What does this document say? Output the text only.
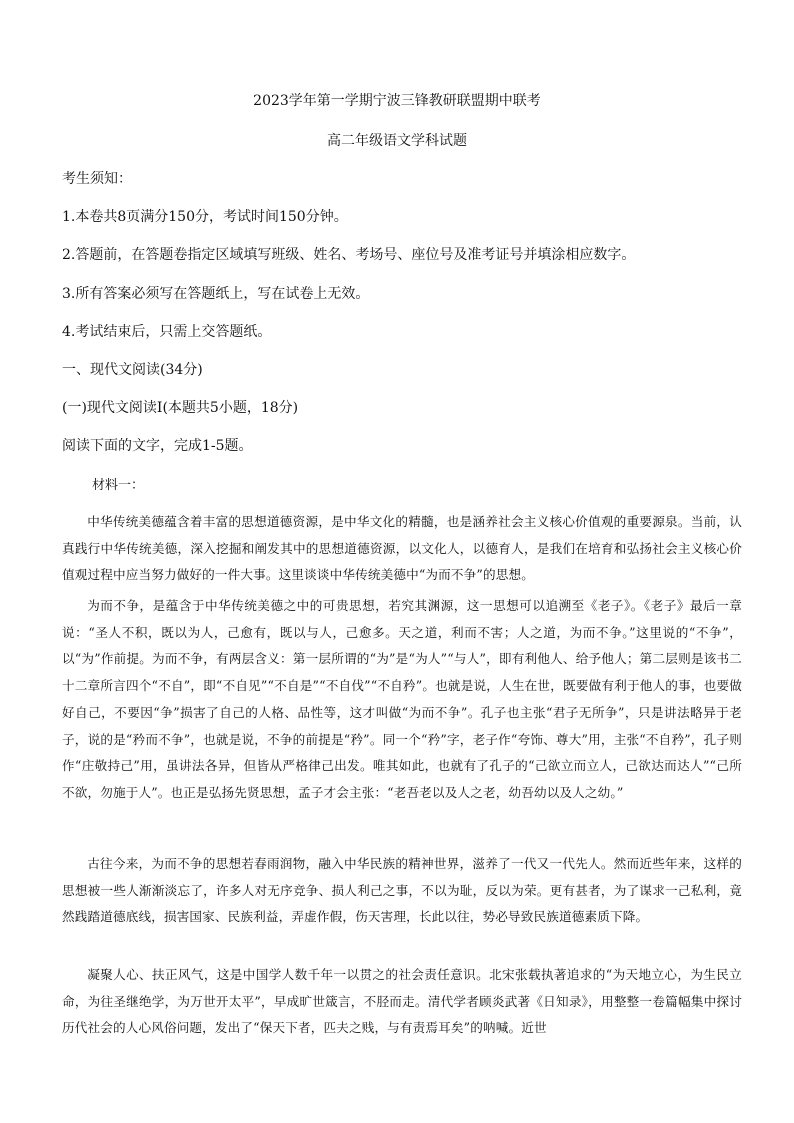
2023学年第一学期宁波三锋教研联盟期中联考
高二年级语文学科试题
考生须知：
1.本卷共8页满分150分，考试时间150分钟。
2.答题前，在答题卷指定区域填写班级、姓名、考场号、座位号及准考证号并填涂相应数字。
3.所有答案必须写在答题纸上，写在试卷上无效。
4.考试结束后，只需上交答题纸。
一、现代文阅读(34分)
(一)现代文阅读Ⅰ(本题共5小题，18分)
阅读下面的文字，完成1-5题。
材料一：

中华传统美德蕴含着丰富的思想道德资源，是中华文化的精髓，也是涵养社会主义核心价值观的重要源泉。当前，认真践行中华传统美德，深入挖掘和阐发其中的思想道德资源，以文化人，以德育人，是我们在培育和弘扬社会主义核心价值观过程中应当努力做好的一件大事。这里谈谈中华传统美德中“为而不争”的思想。

为而不争，是蕴含于中华传统美德之中的可贵思想，若究其渊源，这一思想可以追溯至《老子》。《老子》最后一章说：“圣人不积，既以为人，己愈有，既以与人，己愈多。天之道，利而不害；人之道，为而不争。”这里说的“不争”，以“为”作前提。为而不争，有两层含义：第一层所谓的“为”是“为人”“与人”，即有利他人、给予他人；第二层则是该书二十二章所言四个“不自”，即“不自见”“不自是”“不自伐”“不自矜”。也就是说，人生在世，既要做有利于他人的事，也要做好自己，不要因“争”损害了自己的人格、品性等，这才叫做“为而不争”。孔子也主张“君子无所争”，只是讲法略异于老子，说的是“矜而不争”，也就是说，不争的前提是“矜”。同一个“矜”字，老子作“夸饰、尊大”用，主张“不自矜”，孔子则作“庄敬持己”用，虽讲法各异，但皆从严格律己出发。唯其如此，也就有了孔子的“己欲立而立人，己欲达而达人”“己所不欲，勿施于人”。也正是弘扬先贤思想，孟子才会主张：“老吾老以及人之老，幼吾幼以及人之幼。”

古往今来，为而不争的思想若春雨润物，融入中华民族的精神世界，滋养了一代又一代先人。然而近些年来，这样的思想被一些人渐渐淡忘了，许多人对无序竞争、损人利己之事，不以为耻，反以为荣。更有甚者，为了谋求一己私利，竟然践踏道德底线，损害国家、民族利益，弄虚作假，伤天害理，长此以往，势必导致民族道德素质下降。

凝聚人心、扶正风气，这是中国学人数千年一以贯之的社会责任意识。北宋张载执著追求的“为天地立心，为生民立命，为往圣继绝学，为万世开太平”，早成旷世箴言，不胫而走。清代学者顾炎武著《日知录》，用整整一卷篇幅集中探讨历代社会的人心风俗问题，发出了“保天下者，匹夫之贱，与有责焉耳矣”的呐喊。近世
